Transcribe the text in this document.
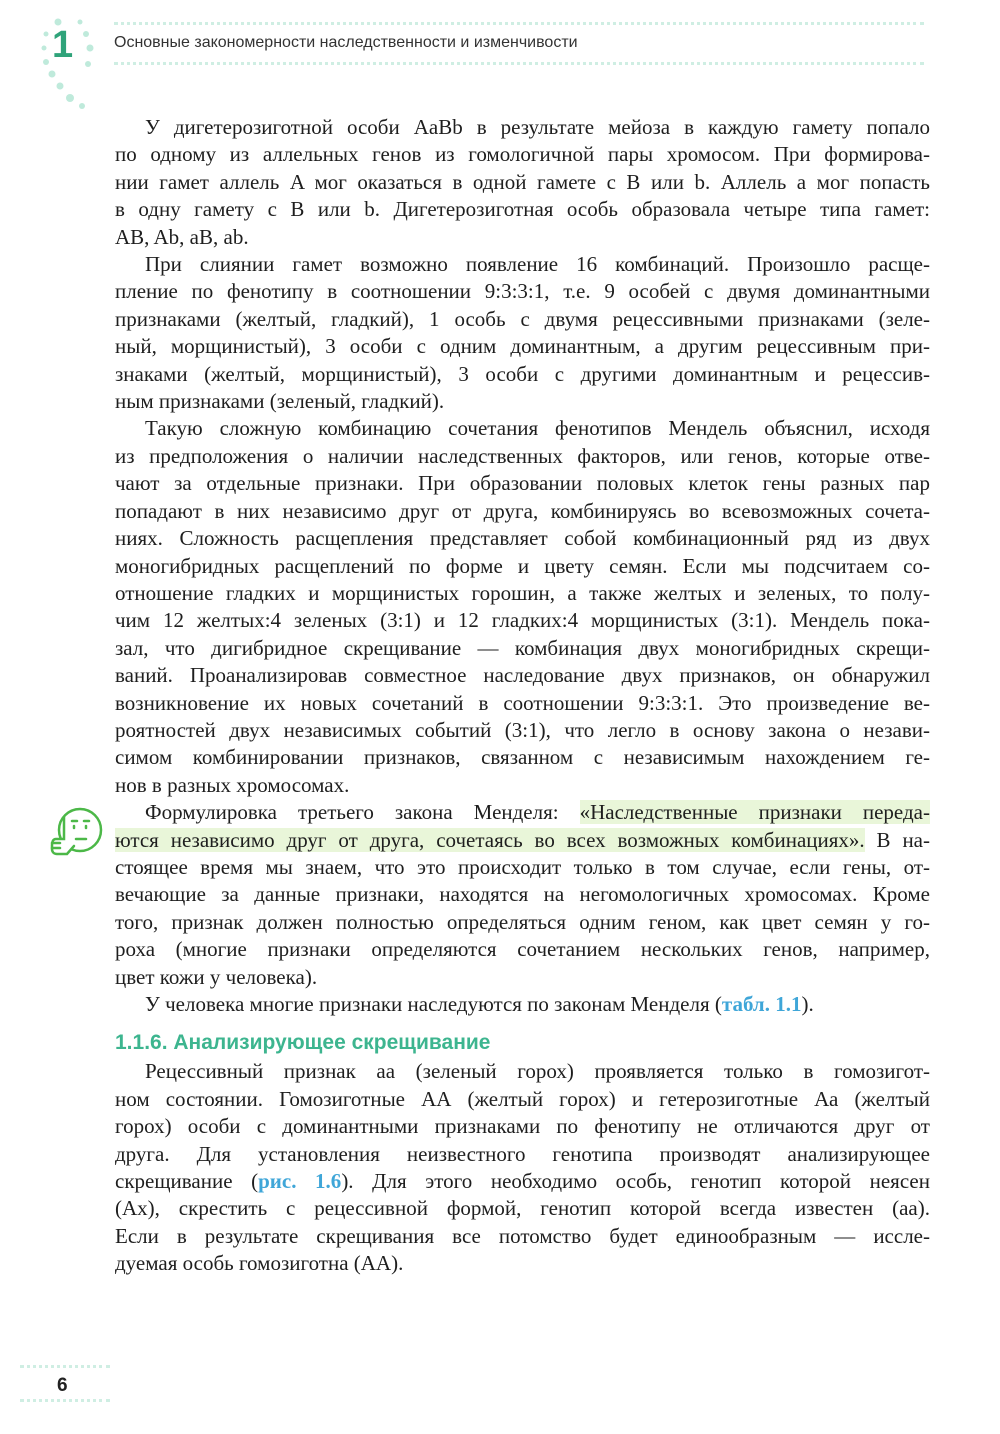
1	Основные закономерности наследственности и изменчивости
У дигетерозиготной особи AaBb в результате мейоза в каждую гамету попало
по одному из аллельных генов из гомологичной пары хромосом. При формирова-
нии гамет аллель A мог оказаться в одной гамете с B или b. Аллель a мог попасть
в одну гамету с B или b. Дигетерозиготная особь образовала четыре типа гамет:
AB, Ab, aB, ab.
При слиянии гамет возможно появление 16 комбинаций. Произошло расще-
пление по фенотипу в соотношении 9:3:3:1, т.е. 9 особей с двумя доминантными
признаками (желтый, гладкий), 1 особь с двумя рецессивными признаками (зеле-
ный, морщинистый), 3 особи с одним доминантным, а другим рецессивным при-
знаками (желтый, морщинистый), 3 особи с другими доминантным и рецессив-
ным признаками (зеленый, гладкий).
Такую сложную комбинацию сочетания фенотипов Мендель объяснил, исходя
из предположения о наличии наследственных факторов, или генов, которые отве-
чают за отдельные признаки. При образовании половых клеток гены разных пар
попадают в них независимо друг от друга, комбинируясь во всевозможных сочета-
ниях. Сложность расщепления представляет собой комбинационный ряд из двух
моногибридных расщеплений по форме и цвету семян. Если мы подсчитаем со-
отношение гладких и морщинистых горошин, а также желтых и зеленых, то полу-
чим 12 желтых:4 зеленых (3:1) и 12 гладких:4 морщинистых (3:1). Мендель пока-
зал, что дигибридное скрещивание — комбинация двух моногибридных скрещи-
ваний. Проанализировав совместное наследование двух признаков, он обнаружил
возникновение их новых сочетаний в соотношении 9:3:3:1. Это произведение ве-
роятностей двух независимых событий (3:1), что легло в основу закона о незави-
симом комбинировании признаков, связанном с независимым нахождением ге-
нов в разных хромосомах.
Формулировка третьего закона Менделя: «Наследственные признаки переда-
ются независимо друг от друга, сочетаясь во всех возможных комбинациях». В на-
стоящее время мы знаем, что это происходит только в том случае, если гены, от-
вечающие за данные признаки, находятся на негомологичных хромосомах. Кроме
того, признак должен полностью определяться одним геном, как цвет семян у го-
роха (многие признаки определяются сочетанием нескольких генов, например,
цвет кожи у человека).
У человека многие признаки наследуются по законам Менделя (табл. 1.1).
1.1.6. Анализирующее скрещивание
Рецессивный признак аа (зеленый горох) проявляется только в гомозигот-
ном состоянии. Гомозиготные АА (желтый горох) и гетерозиготные Аа (желтый
горох) особи с доминантными признаками по фенотипу не отличаются друг от
друга. Для установления неизвестного генотипа производят анализирующее
скрещивание (рис. 1.6). Для этого необходимо особь, генотип которой неясен
(Ах), скрестить с рецессивной формой, генотип которой всегда известен (аа).
Если в результате скрещивания все потомство будет единообразным — иссле-
дуемая особь гомозиготна (АА).
6
